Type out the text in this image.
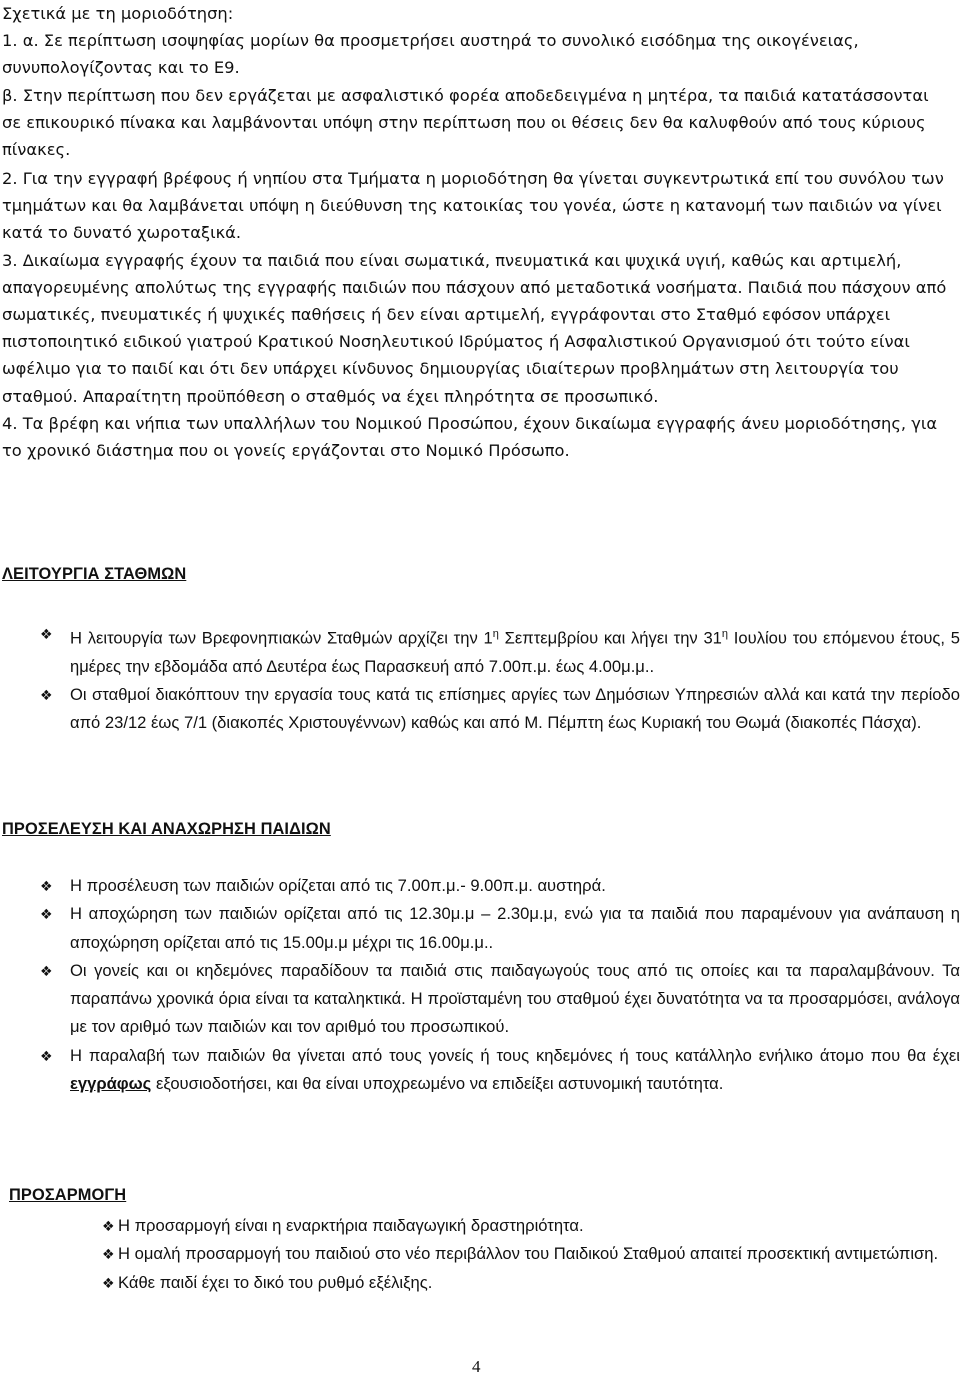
Σχετικά με τη μοριοδότηση:

1. α. Σε περίπτωση ισοψηφίας μορίων θα προσμετρήσει αυστηρά το συνολικό εισόδημα της οικογένειας, συνυπολογίζοντας και το Ε9.

β. Στην περίπτωση που δεν εργάζεται με ασφαλιστικό φορέα αποδεδειγμένα η μητέρα, τα παιδιά κατατάσσονται σε επικουρικό πίνακα και λαμβάνονται υπόψη στην περίπτωση που οι θέσεις δεν θα καλυφθούν από τους κύριους πίνακες.

2. Για την εγγραφή βρέφους ή νηπίου στα Τμήματα η μοριοδότηση θα γίνεται συγκεντρωτικά επί του συνόλου των τμημάτων και θα λαμβάνεται υπόψη η διεύθυνση της κατοικίας του γονέα, ώστε η κατανομή των παιδιών να γίνει κατά το δυνατό χωροταξικά.

3. Δικαίωμα εγγραφής έχουν τα παιδιά που είναι σωματικά, πνευματικά και ψυχικά υγιή, καθώς και αρτιμελή, απαγορευμένης απολύτως της εγγραφής παιδιών που πάσχουν από μεταδοτικά νοσήματα. Παιδιά που πάσχουν από σωματικές, πνευματικές ή ψυχικές παθήσεις ή δεν είναι αρτιμελή, εγγράφονται στο Σταθμό εφόσον υπάρχει πιστοποιητικό ειδικού γιατρού Κρατικού Νοσηλευτικού Ιδρύματος ή Ασφαλιστικού Οργανισμού ότι τούτο είναι ωφέλιμο για το παιδί και ότι δεν υπάρχει κίνδυνος δημιουργίας ιδιαίτερων προβλημάτων στη λειτουργία του σταθμού. Απαραίτητη προϋπόθεση ο σταθμός να έχει πληρότητα σε προσωπικό.

4. Τα βρέφη και νήπια των υπαλλήλων του Νομικού Προσώπου, έχουν δικαίωμα εγγραφής άνευ μοριοδότησης, για το χρονικό διάστημα που οι γονείς εργάζονται στο Νομικό Πρόσωπο.

ΛΕΙΤΟΥΡΓΙΑ ΣΤΑΘΜΩΝ
❖ Η λειτουργία των Βρεφονηπιακών Σταθμών αρχίζει την $1^\eta$ Σεπτεμβρίου και λήγει την $31^\eta$ Ιουλίου του επόμενου έτους, 5 ημέρες την εβδομάδα από Δευτέρα έως Παρασκευή από 7.00π.μ. έως 4.00μ.μ..
❖ Οι σταθμοί διακόπτουν την εργασία τους κατά τις επίσημες αργίες των Δημόσιων Υπηρεσιών αλλά και κατά την περίοδο από 23/12 έως 7/1 (διακοπές Χριστουγέννων) καθώς και από Μ. Πέμπτη έως Κυριακή του Θωμά (διακοπές Πάσχα).
ΠΡΟΣΕΛΕΥΣΗ ΚΑΙ ΑΝΑΧΩΡΗΣΗ ΠΑΙΔΙΩΝ
❖ Η προσέλευση των παιδιών ορίζεται από τις 7.00π.μ.- 9.00π.μ. αυστηρά.
❖ Η αποχώρηση των παιδιών ορίζεται από τις 12.30μ.μ – 2.30μ.μ, ενώ για τα παιδιά που παραμένουν για ανάπαυση η αποχώρηση ορίζεται από τις 15.00μ.μ μέχρι τις 16.00μ.μ..
❖ Οι γονείς και οι κηδεμόνες παραδίδουν τα παιδιά στις παιδαγωγούς τους από τις οποίες και τα παραλαμβάνουν. Τα παραπάνω χρονικά όρια είναι τα καταληκτικά. Η προϊσταμένη του σταθμού έχει δυνατότητα να τα προσαρμόσει, ανάλογα με τον αριθμό των παιδιών και τον αριθμό του προσωπικού.
❖ Η παραλαβή των παιδιών θα γίνεται από τους γονείς ή τους κηδεμόνες ή τους κατάλληλο ενήλικο άτομο που θα έχει εγγράφως εξουσιοδοτήσει, και θα είναι υποχρεωμένο να επιδείξει αστυνομική ταυτότητα.
ΠΡΟΣΑΡΜΟΓΗ
❖ Η προσαρμογή είναι η εναρκτήρια παιδαγωγική δραστηριότητα.
❖ Η ομαλή προσαρμογή του παιδιού στο νέο περιβάλλον του Παιδικού Σταθμού απαιτεί προσεκτική αντιμετώπιση.
❖ Κάθε παιδί έχει το δικό του ρυθμό εξέλιξης.
4
